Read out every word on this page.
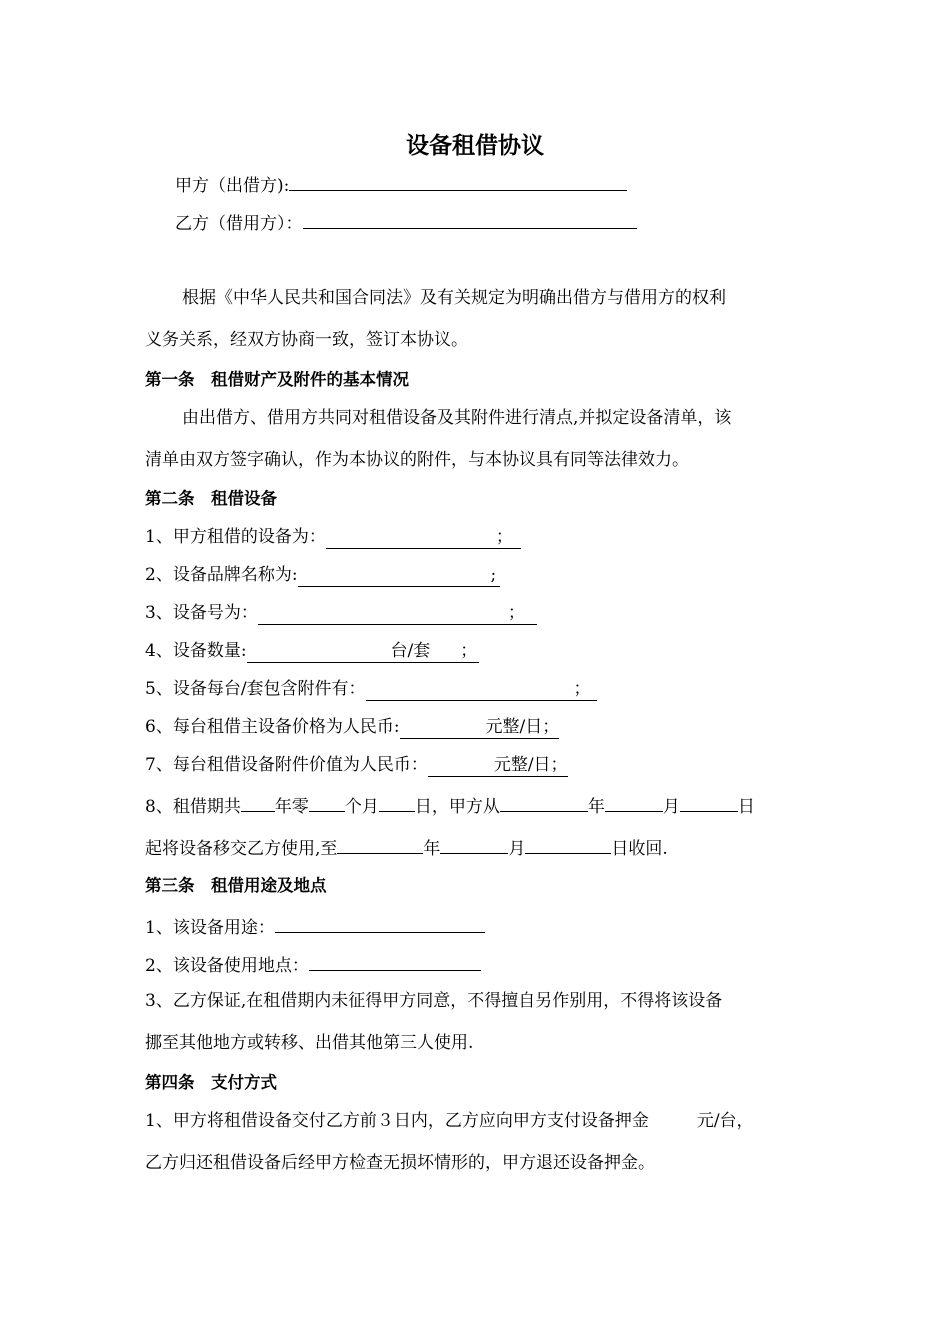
设备租借协议
甲方（出借方):
乙方（借用方）：
根据《中华人民共和国合同法》及有关规定为明确出借方与借用方的权利
义务关系，经双方协商一致，签订本协议。
第一条　租借财产及附件的基本情况
由出借方、借用方共同对租借设备及其附件进行清点,并拟定设备清单，该
清单由双方签字确认，作为本协议的附件，与本协议具有同等法律效力。
第二条　租借设备
1、甲方租借的设备为：	；
2、设备品牌名称为:	;
3、设备号为：	；
4、设备数量:	台/套 ；
5、设备每台/套包含附件有：	；
6、每台租借主设备价格为人民币:	元整/日；
7、每台租借设备附件价值为人民币：	元整/日；
8、租借期共 年零 个月 日，甲方从	年	月	日
起将设备移交乙方使用,至	年	月	日收回.
第三条　租借用途及地点
1、该设备用途：
2、该设备使用地点：
3、乙方保证,在租借期内未征得甲方同意，不得擅自另作别用，不得将该设备
挪至其他地方或转移、出借其他第三人使用.
第四条　支付方式
1、甲方将租借设备交付乙方前３日内，乙方应向甲方支付设备押金	元/台，
乙方归还租借设备后经甲方检查无损坏情形的，甲方退还设备押金。
